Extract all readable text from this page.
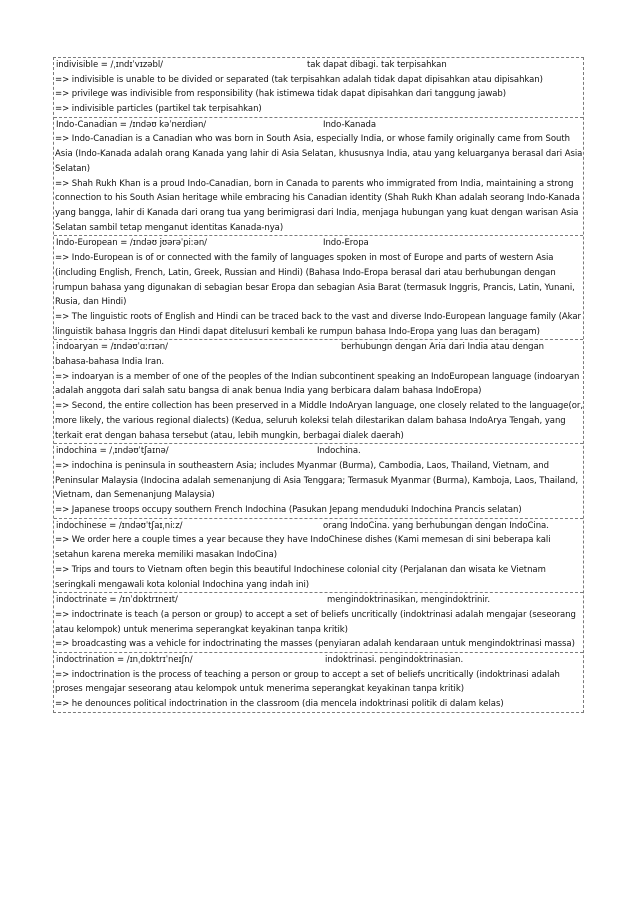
indivisible = /ˌɪndɪˈvɪzəbl/	tak dapat dibagi. tak terpisahkan
=> indivisible is unable to be divided or separated (tak terpisahkan adalah tidak dapat dipisahkan atau dipisahkan)
=> privilege was indivisible from responsibility (hak istimewa tidak dapat dipisahkan dari tanggung jawab)
=> indivisible particles (partikel tak terpisahkan)
Indo-Canadian = /ɪndəʊ kəˈneɪdiən/	Indo-Kanada
=> Indo-Canadian is a Canadian who was born in South Asia, especially India, or whose family originally came from South Asia (Indo-Kanada adalah orang Kanada yang lahir di Asia Selatan, khususnya India, atau yang keluarganya berasal dari Asia Selatan)
=> Shah Rukh Khan is a proud Indo-Canadian, born in Canada to parents who immigrated from India, maintaining a strong connection to his South Asian heritage while embracing his Canadian identity (Shah Rukh Khan adalah seorang Indo-Kanada yang bangga, lahir di Kanada dari orang tua yang berimigrasi dari India, menjaga hubungan yang kuat dengan warisan Asia Selatan sambil tetap menganut identitas Kanada-nya)
Indo-European = /ɪndəʊ jʊərəˈpiːən/	Indo-Eropa
=> Indo-European is of or connected with the family of languages spoken in most of Europe and parts of western Asia (including English, French, Latin, Greek, Russian and Hindi) (Bahasa Indo-Eropa berasal dari atau berhubungan dengan rumpun bahasa yang digunakan di sebagian besar Eropa dan sebagian Asia Barat (termasuk Inggris, Prancis, Latin, Yunani, Rusia, dan Hindi)
=> The linguistic roots of English and Hindi can be traced back to the vast and diverse Indo-European language family (Akar linguistik bahasa Inggris dan Hindi dapat ditelusuri kembali ke rumpun bahasa Indo-Eropa yang luas dan beragam)
indoaryan = /ɪndəʊˈɑːrɪən/	berhubungn dengan Aria dari India atau dengan
bahasa-bahasa India Iran.
=> indoaryan is a member of one of the peoples of the Indian subcontinent speaking an IndoEuropean language (indoaryan adalah anggota dari salah satu bangsa di anak benua India yang berbicara dalam bahasa IndoEropa)
=> Second, the entire collection has been preserved in a Middle IndoAryan language, one closely related to the language(or, more likely, the various regional dialects) (Kedua, seluruh koleksi telah dilestarikan dalam bahasa IndoArya Tengah, yang terkait erat dengan bahasa tersebut (atau, lebih mungkin, berbagai dialek daerah)
indochina = /ˌɪndəʊˈtʃaɪnə/	Indochina.
=> indochina is peninsula in southeastern Asia; includes Myanmar (Burma), Cambodia, Laos, Thailand, Vietnam, and Peninsular Malaysia (Indocina adalah semenanjung di Asia Tenggara; Termasuk Myanmar (Burma), Kamboja, Laos, Thailand, Vietnam, dan Semenanjung Malaysia)
=> Japanese troops occupy southern French Indochina (Pasukan Jepang menduduki Indochina Prancis selatan)
indochinese = /ɪndəʊˈtʃaɪˌniːz/	orang IndoCina. yang berhubungan dengan IndoCina.
=> We order here a couple times a year because they have IndoChinese dishes (Kami memesan di sini beberapa kali setahun karena mereka memiliki masakan IndoCina)
=> Trips and tours to Vietnam often begin this beautiful Indochinese colonial city (Perjalanan dan wisata ke Vietnam seringkali mengawali kota kolonial Indochina yang indah ini)
indoctrinate = /ɪnˈdɒktrɪneɪt/	mengindoktrinasikan, mengindoktrinir.
=> indoctrinate is teach (a person or group) to accept a set of beliefs uncritically (indoktrinasi adalah mengajar (seseorang atau kelompok) untuk menerima seperangkat keyakinan tanpa kritik)
=> broadcasting was a vehicle for indoctrinating the masses (penyiaran adalah kendaraan untuk mengindoktrinasi massa)
indoctrination = /ɪnˌdɒktrɪˈneɪʃn/	indoktrinasi. pengindoktrinasian.
=> indoctrination is the process of teaching a person or group to accept a set of beliefs uncritically (indoktrinasi adalah proses mengajar seseorang atau kelompok untuk menerima seperangkat keyakinan tanpa kritik)
=> he denounces political indoctrination in the classroom (dia mencela indoktrinasi politik di dalam kelas)
